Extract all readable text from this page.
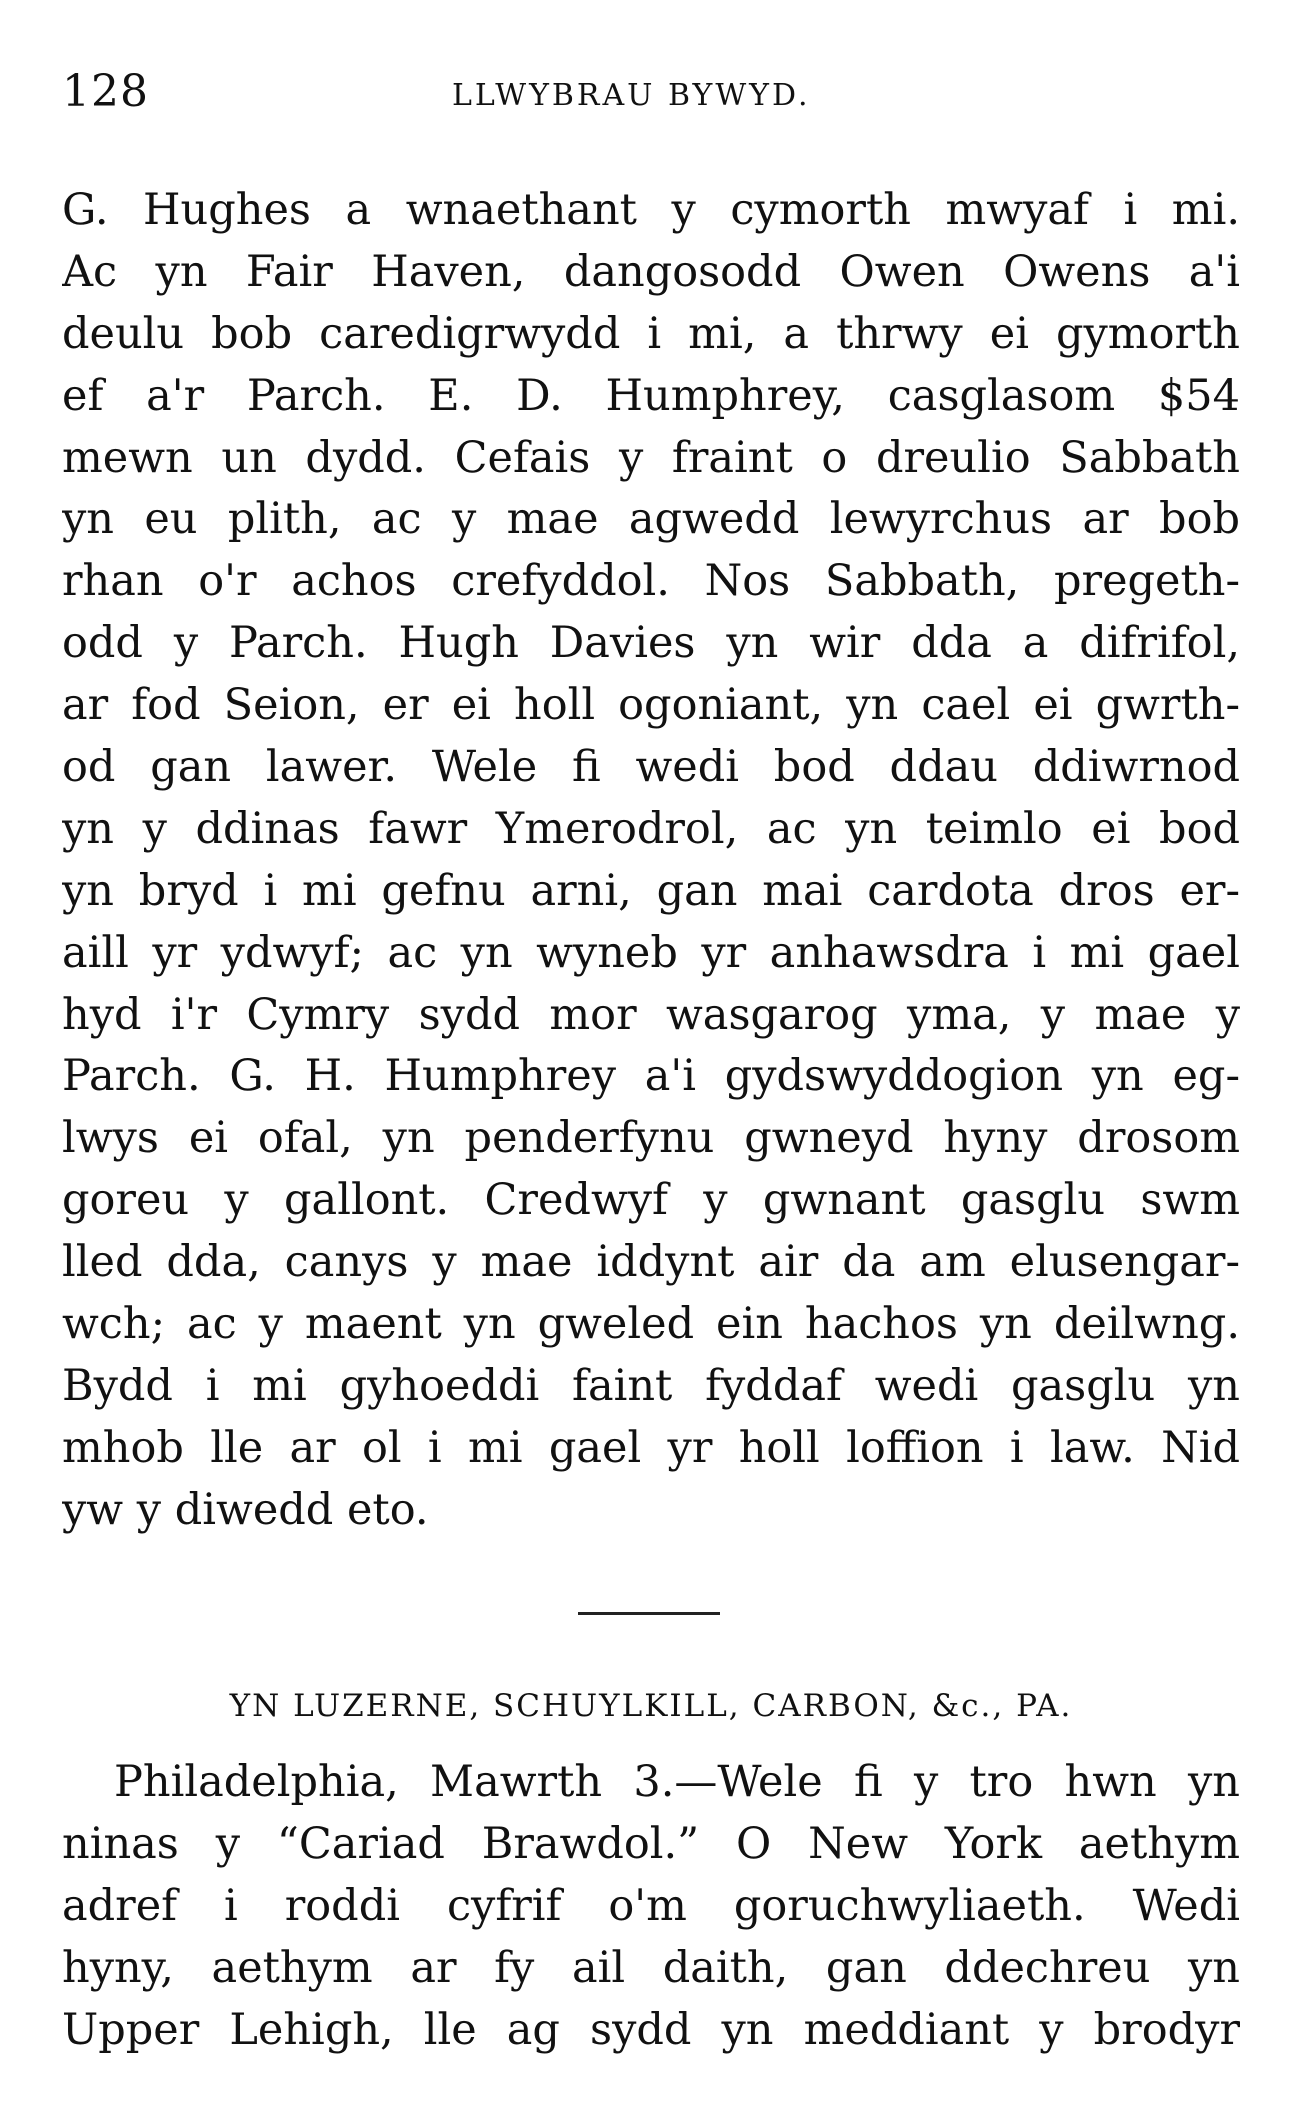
128	LLWYBRAU BYWYD.
G. Hughes a wnaethant y cymorth mwyaf i mi.
Ac yn Fair Haven, dangosodd Owen Owens a'i
deulu bob caredigrwydd i mi, a thrwy ei gymorth
ef a'r Parch. E. D. Humphrey, casglasom $54
mewn un dydd. Cefais y fraint o dreulio Sabbath
yn eu plith, ac y mae agwedd lewyrchus ar bob
rhan o'r achos crefyddol. Nos Sabbath, pregeth-
odd y Parch. Hugh Davies yn wir dda a difrifol,
ar fod Seion, er ei holl ogoniant, yn cael ei gwrth-
od gan lawer. Wele fi wedi bod ddau ddiwrnod
yn y ddinas fawr Ymerodrol, ac yn teimlo ei bod
yn bryd i mi gefnu arni, gan mai cardota dros er-
aill yr ydwyf; ac yn wyneb yr anhawsdra i mi gael
hyd i'r Cymry sydd mor wasgarog yma, y mae y
Parch. G. H. Humphrey a'i gydswyddogion yn eg-
lwys ei ofal, yn penderfynu gwneyd hyny drosom
goreu y gallont. Credwyf y gwnant gasglu swm
lled dda, canys y mae iddynt air da am elusengar-
wch; ac y maent yn gweled ein hachos yn deilwng.
Bydd i mi gyhoeddi faint fyddaf wedi gasglu yn
mhob lle ar ol i mi gael yr holl loffion i law. Nid
yw y diwedd eto.
YN LUZERNE, SCHUYLKILL, CARBON, &c., PA.
Philadelphia, Mawrth 3.—Wele fi y tro hwn yn
ninas y “Cariad Brawdol.” O New York aethym
adref i roddi cyfrif o'm goruchwyliaeth. Wedi
hyny, aethym ar fy ail daith, gan ddechreu yn
Upper Lehigh, lle ag sydd yn meddiant y brodyr
